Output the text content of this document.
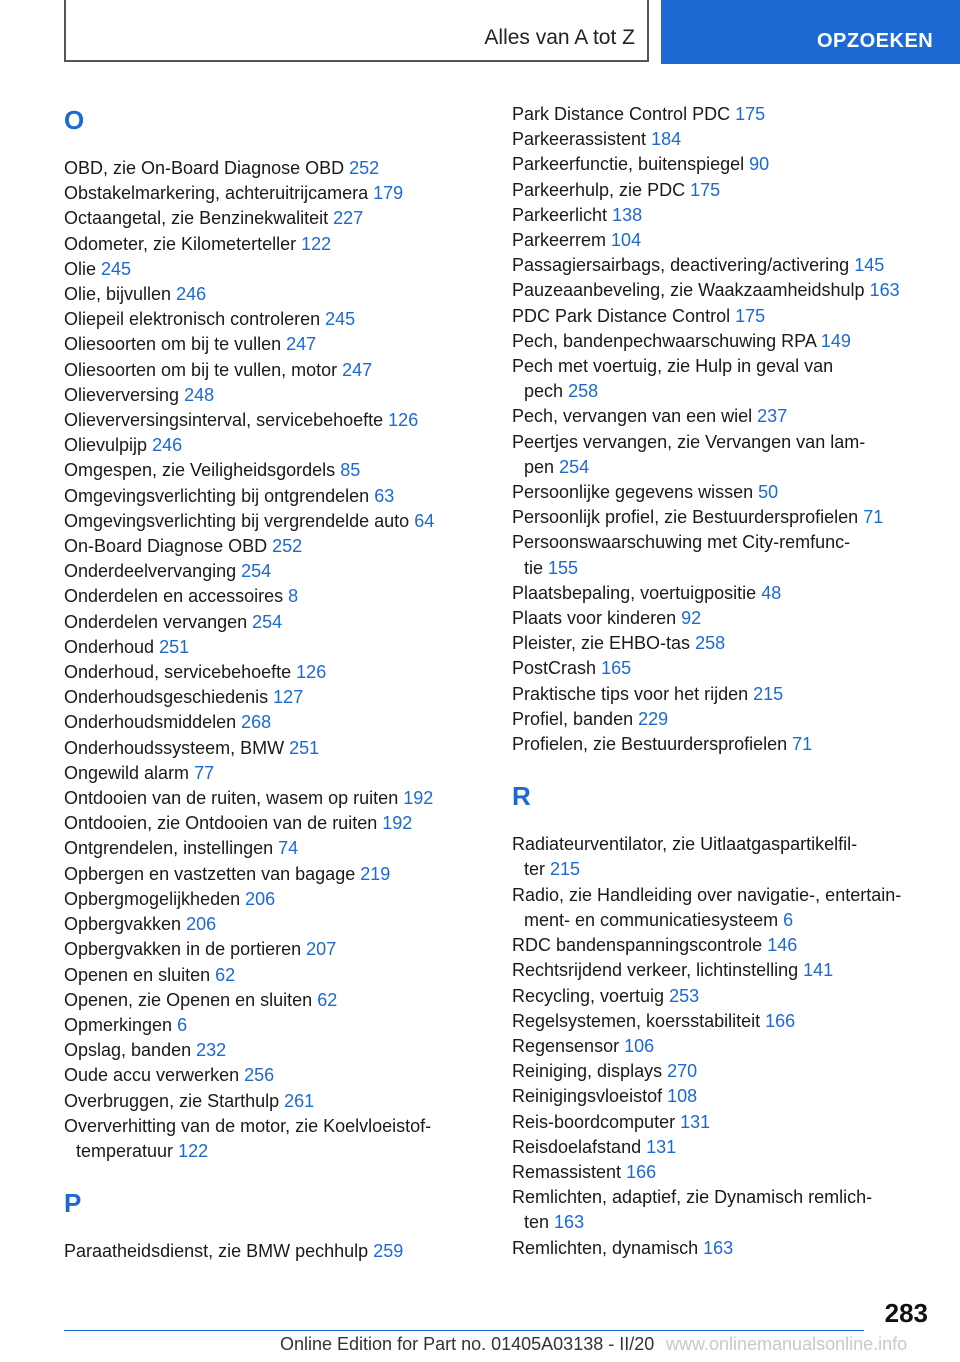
Alles van A tot Z	OPZOEKEN
O
OBD, zie On-Board Diagnose OBD 252
Obstakelmarkering, achteruitrijcamera 179
Octaangetal, zie Benzinekwaliteit 227
Odometer, zie Kilometerteller 122
Olie 245
Olie, bijvullen 246
Oliepeil elektronisch controleren 245
Oliesoorten om bij te vullen 247
Oliesoorten om bij te vullen, motor 247
Olieverversing 248
Olieverversingsinterval, servicebehoefte 126
Olievulpijp 246
Omgespen, zie Veiligheidsgordels 85
Omgevingsverlichting bij ontgrendelen 63
Omgevingsverlichting bij vergrendelde auto 64
On-Board Diagnose OBD 252
Onderdeelvervanging 254
Onderdelen en accessoires 8
Onderdelen vervangen 254
Onderhoud 251
Onderhoud, servicebehoefte 126
Onderhoudsgeschiedenis 127
Onderhoudsmiddelen 268
Onderhoudssysteem, BMW 251
Ongewild alarm 77
Ontdooien van de ruiten, wasem op ruiten 192
Ontdooien, zie Ontdooien van de ruiten 192
Ontgrendelen, instellingen 74
Opbergen en vastzetten van bagage 219
Opbergmogelijkheden 206
Opbergvakken 206
Opbergvakken in de portieren 207
Openen en sluiten 62
Openen, zie Openen en sluiten 62
Opmerkingen 6
Opslag, banden 232
Oude accu verwerken 256
Overbruggen, zie Starthulp 261
Oververhitting van de motor, zie Koelvloeistof-
temperatuur 122
P
Paraatheidsdienst, zie BMW pechhulp 259
Park Distance Control PDC 175
Parkeerassistent 184
Parkeerfunctie, buitenspiegel 90
Parkeerhulp, zie PDC 175
Parkeerlicht 138
Parkeerrem 104
Passagiersairbags, deactivering/activering 145
Pauzeaanbeveling, zie Waakzaamheidshulp 163
PDC Park Distance Control 175
Pech, bandenpechwaarschuwing RPA 149
Pech met voertuig, zie Hulp in geval van
pech 258
Pech, vervangen van een wiel 237
Peertjes vervangen, zie Vervangen van lam-
pen 254
Persoonlijke gegevens wissen 50
Persoonlijk profiel, zie Bestuurdersprofielen 71
Persoonswaarschuwing met City-remfunc-
tie 155
Plaatsbepaling, voertuigpositie 48
Plaats voor kinderen 92
Pleister, zie EHBO-tas 258
PostCrash 165
Praktische tips voor het rijden 215
Profiel, banden 229
Profielen, zie Bestuurdersprofielen 71
R
Radiateurventilator, zie Uitlaatgaspartikelfil-
ter 215
Radio, zie Handleiding over navigatie-, entertain-
ment- en communicatiesysteem 6
RDC bandenspanningscontrole 146
Rechtsrijdend verkeer, lichtinstelling 141
Recycling, voertuig 253
Regelsystemen, koersstabiliteit 166
Regensensor 106
Reiniging, displays 270
Reinigingsvloeistof 108
Reis-boordcomputer 131
Reisdoelafstand 131
Remassistent 166
Remlichten, adaptief, zie Dynamisch remlich-
ten 163
Remlichten, dynamisch 163
283
Online Edition for Part no. 01405A03138 - II/20 www.onlinemanualsonline.info
